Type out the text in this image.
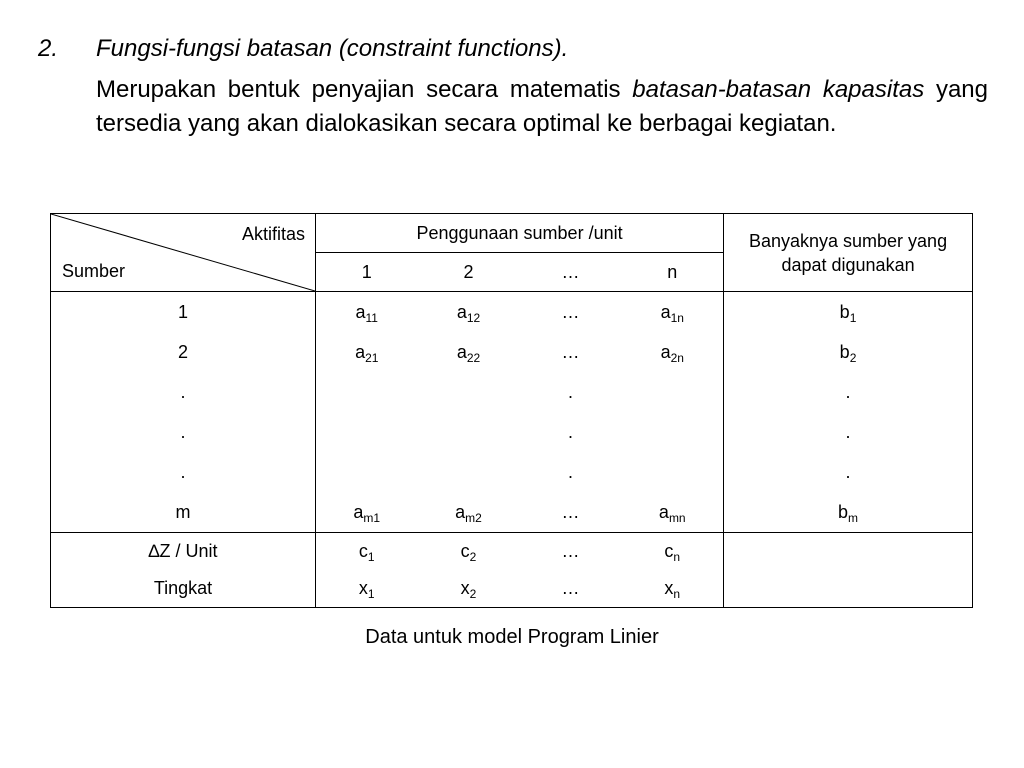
2. Fungsi-fungsi batasan (constraint functions).
Merupakan bentuk penyajian secara matematis batasan-batasan kapasitas yang tersedia yang akan dialokasikan secara optimal ke berbagai kegiatan.
Aktifitas
Sumber	Penggunaan sumber /unit				Banyaknya sumber yang dapat digunakan
	1	2	…	n	
1	$a_{11}$	$a_{12}$	…	$a_{1n}$	$b_1$
2	$a_{21}$	$a_{22}$	…	$a_{2n}$	$b_2$
.			.		.
.			.		.
.			.		.
m	$a_{m1}$	$a_{m2}$	…	$a_{mn}$	$b_m$
∆Z / Unit	$c_1$	$c_2$	…	$c_n$	
Tingkat	$x_1$	$x_2$	…	$x_n$	
Data untuk model Program Linier
